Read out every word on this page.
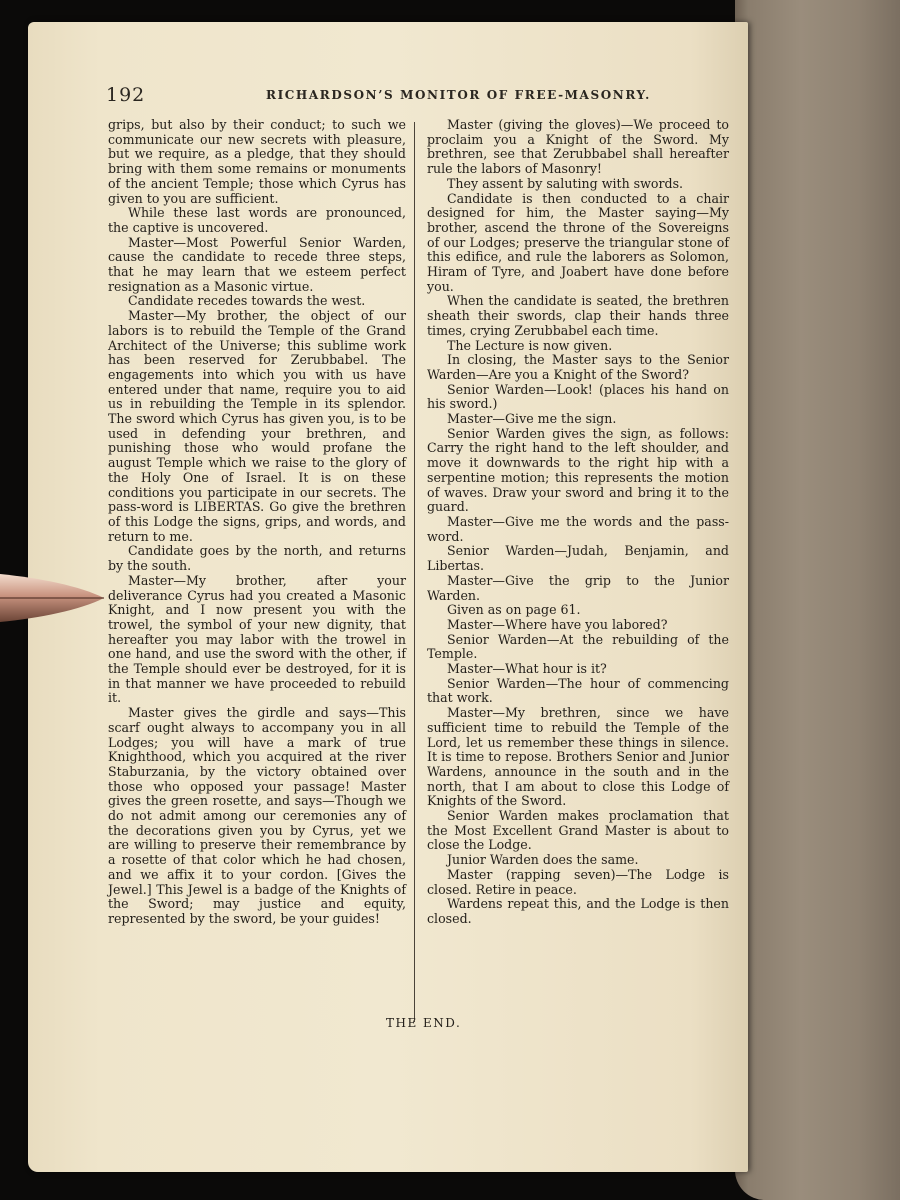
192	RICHARDSON’S MONITOR OF FREE-MASONRY.

grips, but also by their conduct; to such we communicate our new secrets with pleasure, but we require, as a pledge, that they should bring with them some remains or monuments of the ancient Temple; those which Cyrus has given to you are sufficient.

While these last words are pronounced, the captive is uncovered.

Master—Most Powerful Senior Warden, cause the candidate to recede three steps, that he may learn that we esteem perfect resignation as a Masonic virtue.

Candidate recedes towards the west.

Master—My brother, the object of our labors is to rebuild the Temple of the Grand Architect of the Universe; this sublime work has been reserved for Zerubbabel. The engagements into which you with us have entered under that name, require you to aid us in rebuilding the Temple in its splendor. The sword which Cyrus has given you, is to be used in defending your brethren, and punishing those who would profane the august Temple which we raise to the glory of the Holy One of Israel. It is on these conditions you participate in our secrets. The pass-word is LIBERTAS. Go give the brethren of this Lodge the signs, grips, and words, and return to me.

Candidate goes by the north, and returns by the south.

Master—My brother, after your deliverance Cyrus had you created a Masonic Knight, and I now present you with the trowel, the symbol of your new dignity, that hereafter you may labor with the trowel in one hand, and use the sword with the other, if the Temple should ever be destroyed, for it is in that manner we have proceeded to rebuild it.

Master gives the girdle and says—This scarf ought always to accompany you in all Lodges; you will have a mark of true Knighthood, which you acquired at the river Staburzania, by the victory obtained over those who opposed your passage! Master gives the green rosette, and says—Though we do not admit among our ceremonies any of the decorations given you by Cyrus, yet we are willing to preserve their remembrance by a rosette of that color which he had chosen, and we affix it to your cordon. [Gives the Jewel.] This Jewel is a badge of the Knights of the Sword; may justice and equity, represented by the sword, be your guides!

Master (giving the gloves)—We proceed to proclaim you a Knight of the Sword. My brethren, see that Zerubbabel shall hereafter rule the labors of Masonry!

They assent by saluting with swords.

Candidate is then conducted to a chair designed for him, the Master saying—My brother, ascend the throne of the Sovereigns of our Lodges; preserve the triangular stone of this edifice, and rule the laborers as Solomon, Hiram of Tyre, and Joabert have done before you.

When the candidate is seated, the brethren sheath their swords, clap their hands three times, crying Zerubbabel each time.

The Lecture is now given.

In closing, the Master says to the Senior Warden—Are you a Knight of the Sword?

Senior Warden—Look! (places his hand on his sword.)

Master—Give me the sign.

Senior Warden gives the sign, as follows: Carry the right hand to the left shoulder, and move it downwards to the right hip with a serpentine motion; this represents the motion of waves. Draw your sword and bring it to the guard.

Master—Give me the words and the pass-word.

Senior Warden—Judah, Benjamin, and Libertas.

Master—Give the grip to the Junior Warden.

Given as on page 61.

Master—Where have you labored?

Senior Warden—At the rebuilding of the Temple.

Master—What hour is it?

Senior Warden—The hour of commencing that work.

Master—My brethren, since we have sufficient time to rebuild the Temple of the Lord, let us remember these things in silence. It is time to repose. Brothers Senior and Junior Wardens, announce in the south and in the north, that I am about to close this Lodge of Knights of the Sword.

Senior Warden makes proclamation that the Most Excellent Grand Master is about to close the Lodge.

Junior Warden does the same.

Master (rapping seven)—The Lodge is closed. Retire in peace.

Wardens repeat this, and the Lodge is then closed.

THE END.
